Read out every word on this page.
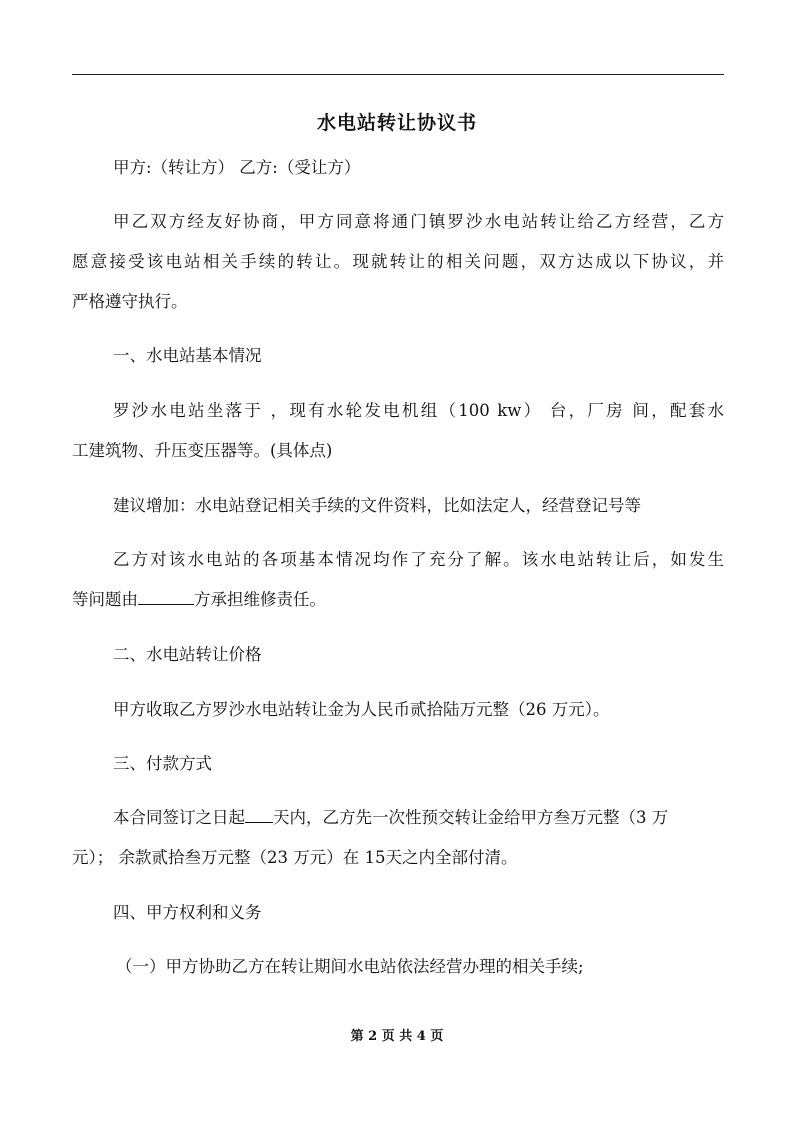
水电站转让协议书
甲方:（转让方） 乙方:（受让方）
甲乙双方经友好协商，甲方同意将通门镇罗沙水电站转让给乙方经营，乙方
愿意接受该电站相关手续的转让。现就转让的相关问题，双方达成以下协议，并
严格遵守执行。
一、水电站基本情况
罗沙水电站坐落于 ，现有水轮发电机组（100 kw） 台，厂房 间，配套水
工建筑物、升压变压器等。(具体点)
建议增加：水电站登记相关手续的文件资料，比如法定人，经营登记号等
乙方对该水电站的各项基本情况均作了充分了解。该水电站转让后，如发生
等问题由	方承担维修责任。
二、水电站转让价格
甲方收取乙方罗沙水电站转让金为人民币贰拾陆万元整（26 万元）。
三、付款方式
本合同签订之日起 天内，乙方先一次性预交转让金给甲方叁万元整（3 万
元）； 余款贰拾叁万元整（23 万元）在 15天之内全部付清。
四、甲方权利和义务
（一）甲方协助乙方在转让期间水电站依法经营办理的相关手续;
第 2 页 共 4 页
